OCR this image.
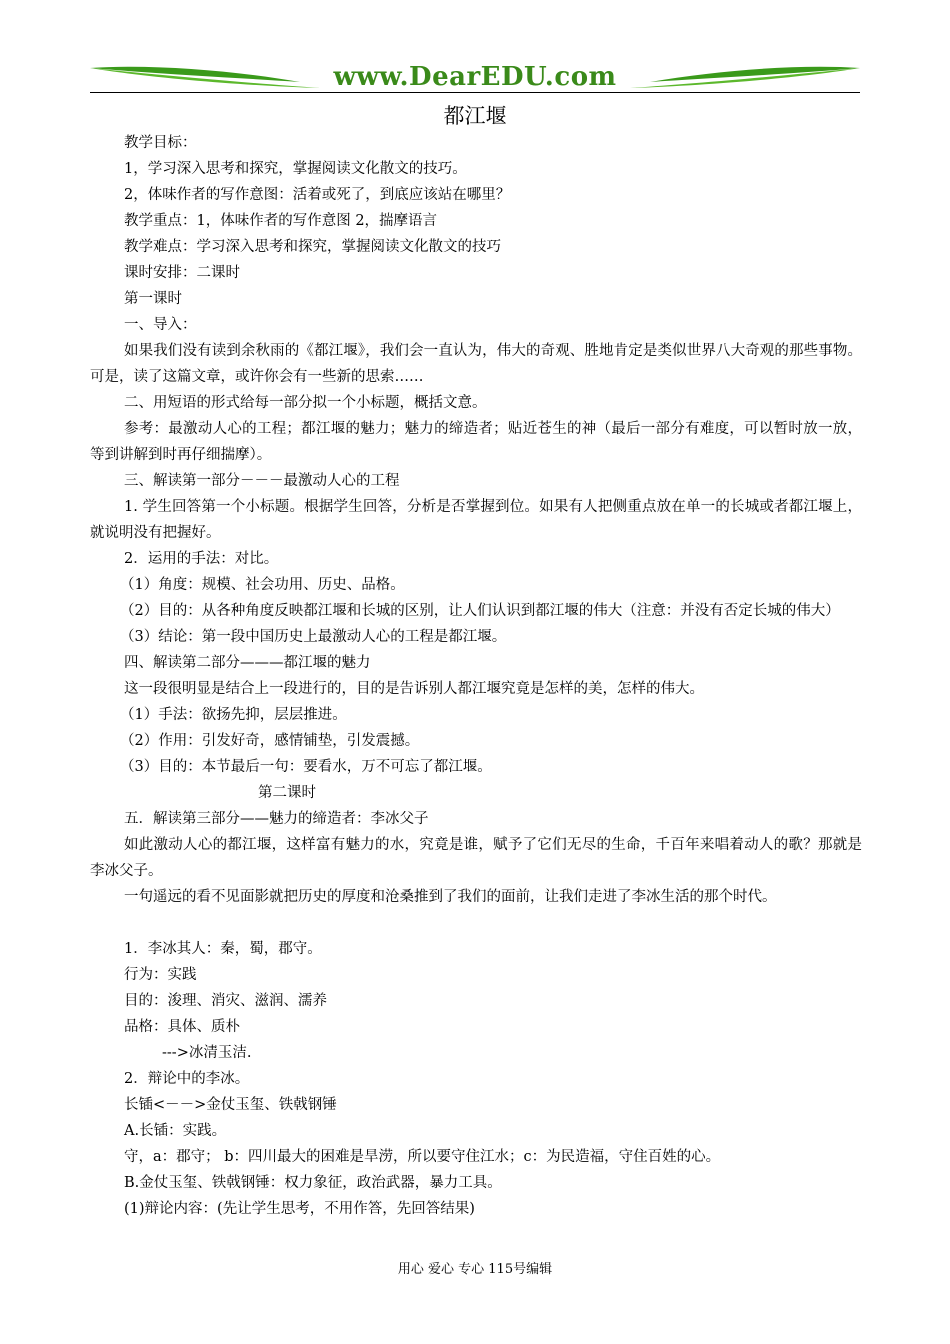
www.DearEDU.com
都江堰

教学目标：

1，学习深入思考和探究，掌握阅读文化散文的技巧。

2，体味作者的写作意图：活着或死了，到底应该站在哪里？

教学重点：1，体味作者的写作意图 2，揣摩语言

教学难点：学习深入思考和探究，掌握阅读文化散文的技巧

课时安排：二课时

第一课时

一、导入：

如果我们没有读到余秋雨的《都江堰》，我们会一直认为，伟大的奇观、胜地肯定是类似世界八大奇观的那些事物。可是，读了这篇文章，或许你会有一些新的思索……

二、用短语的形式给每一部分拟一个小标题，概括文意。

参考：最激动人心的工程；都江堰的魅力；魅力的缔造者；贴近苍生的神（最后一部分有难度，可以暂时放一放，等到讲解到时再仔细揣摩）。

三、解读第一部分－－－最激动人心的工程

1. 学生回答第一个小标题。根据学生回答，分析是否掌握到位。如果有人把侧重点放在单一的长城或者都江堰上，就说明没有把握好。

2．运用的手法：对比。

（1）角度：规模、社会功用、历史、品格。

（2）目的：从各种角度反映都江堰和长城的区别，让人们认识到都江堰的伟大（注意：并没有否定长城的伟大）

（3）结论：第一段中国历史上最激动人心的工程是都江堰。

四、解读第二部分———都江堰的魅力

这一段很明显是结合上一段进行的，目的是告诉别人都江堰究竟是怎样的美，怎样的伟大。

（1）手法：欲扬先抑，层层推进。

（2）作用：引发好奇，感情铺垫，引发震撼。

（3）目的：本节最后一句：要看水，万不可忘了都江堰。

第二课时

五．解读第三部分——魅力的缔造者：李冰父子

如此激动人心的都江堰，这样富有魅力的水，究竟是谁，赋予了它们无尽的生命，千百年来唱着动人的歌？那就是李冰父子。

一句遥远的看不见面影就把历史的厚度和沧桑推到了我们的面前，让我们走进了李冰生活的那个时代。

1．李冰其人：秦，蜀，郡守。

行为：实践

目的：浚理、消灾、滋润、濡养

品格：具体、质朴

--->冰清玉洁.

2．辩论中的李冰。

长锸<－－>金仗玉玺、铁戟钢锤

A.长锸：实践。

守，a：郡守； b：四川最大的困难是旱涝，所以要守住江水；c：为民造福，守住百姓的心。

B.金仗玉玺、铁戟钢锤：权力象征，政治武器，暴力工具。

(1)辩论内容：(先让学生思考，不用作答，先回答结果)

用心 爱心 专心 115号编辑
